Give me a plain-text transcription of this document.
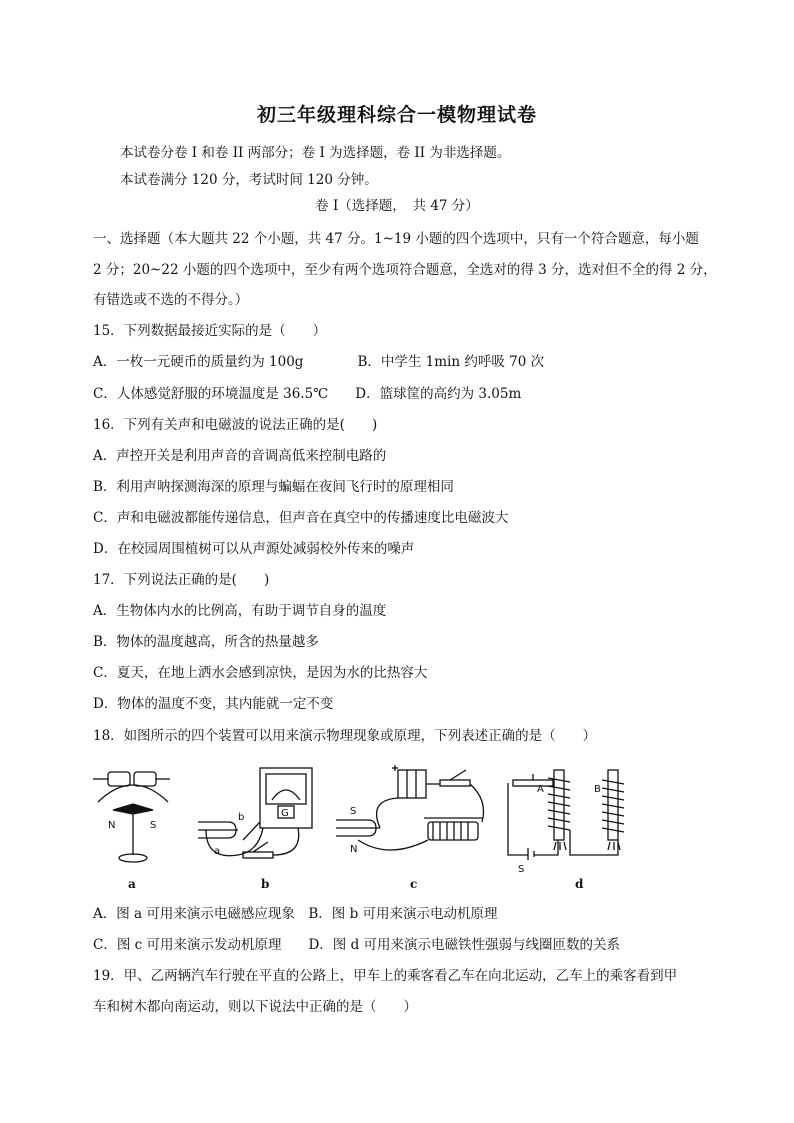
初三年级理科综合一模物理试卷
本试卷分卷 I 和卷 II 两部分；卷 I 为选择题，卷 II 为非选择题。
本试卷满分 120 分，考试时间 120 分钟。
卷 I（选择题，　共 47 分）
一、选择题（本大题共 22 个小题，共 47 分。1~19 小题的四个选项中，只有一个符合题意，每小题
2 分；20~22 小题的四个选项中，至少有两个选项符合题意，全选对的得 3 分，选对但不全的得 2 分，
有错选或不选的不得分。）
15．下列数据最接近实际的是（　　）
A．一枚一元硬币的质量约为 100g　　　　B．中学生 1min 约呼吸 70 次
C．人体感觉舒服的环境温度是 36.5℃　　D．篮球筐的高约为 3.05m
16．下列有关声和电磁波的说法正确的是(　　)
A．声控开关是利用声音的音调高低来控制电路的
B．利用声呐探测海深的原理与蝙蝠在夜间飞行时的原理相同
C．声和电磁波都能传递信息，但声音在真空中的传播速度比电磁波大
D．在校园周围植树可以从声源处减弱校外传来的噪声
17．下列说法正确的是(　　)
A．生物体内水的比例高，有助于调节自身的温度
B．物体的温度越高，所含的热量越多
C．夏天，在地上洒水会感到凉快，是因为水的比热容大
D．物体的温度不变，其内能就一定不变
18．如图所示的四个装置可以用来演示物理现象或原理，下列表述正确的是（　　）
N	S
G
b
a
S
N
A	B
S
a	b	c	d
A．图 a 可用来演示电磁感应现象　B．图 b 可用来演示电动机原理
C．图 c 可用来演示发动机原理　　D．图 d 可用来演示电磁铁性强弱与线圈匝数的关系
19．甲、乙两辆汽车行驶在平直的公路上，甲车上的乘客看乙车在向北运动，乙车上的乘客看到甲
车和树木都向南运动，则以下说法中正确的是（　　）
